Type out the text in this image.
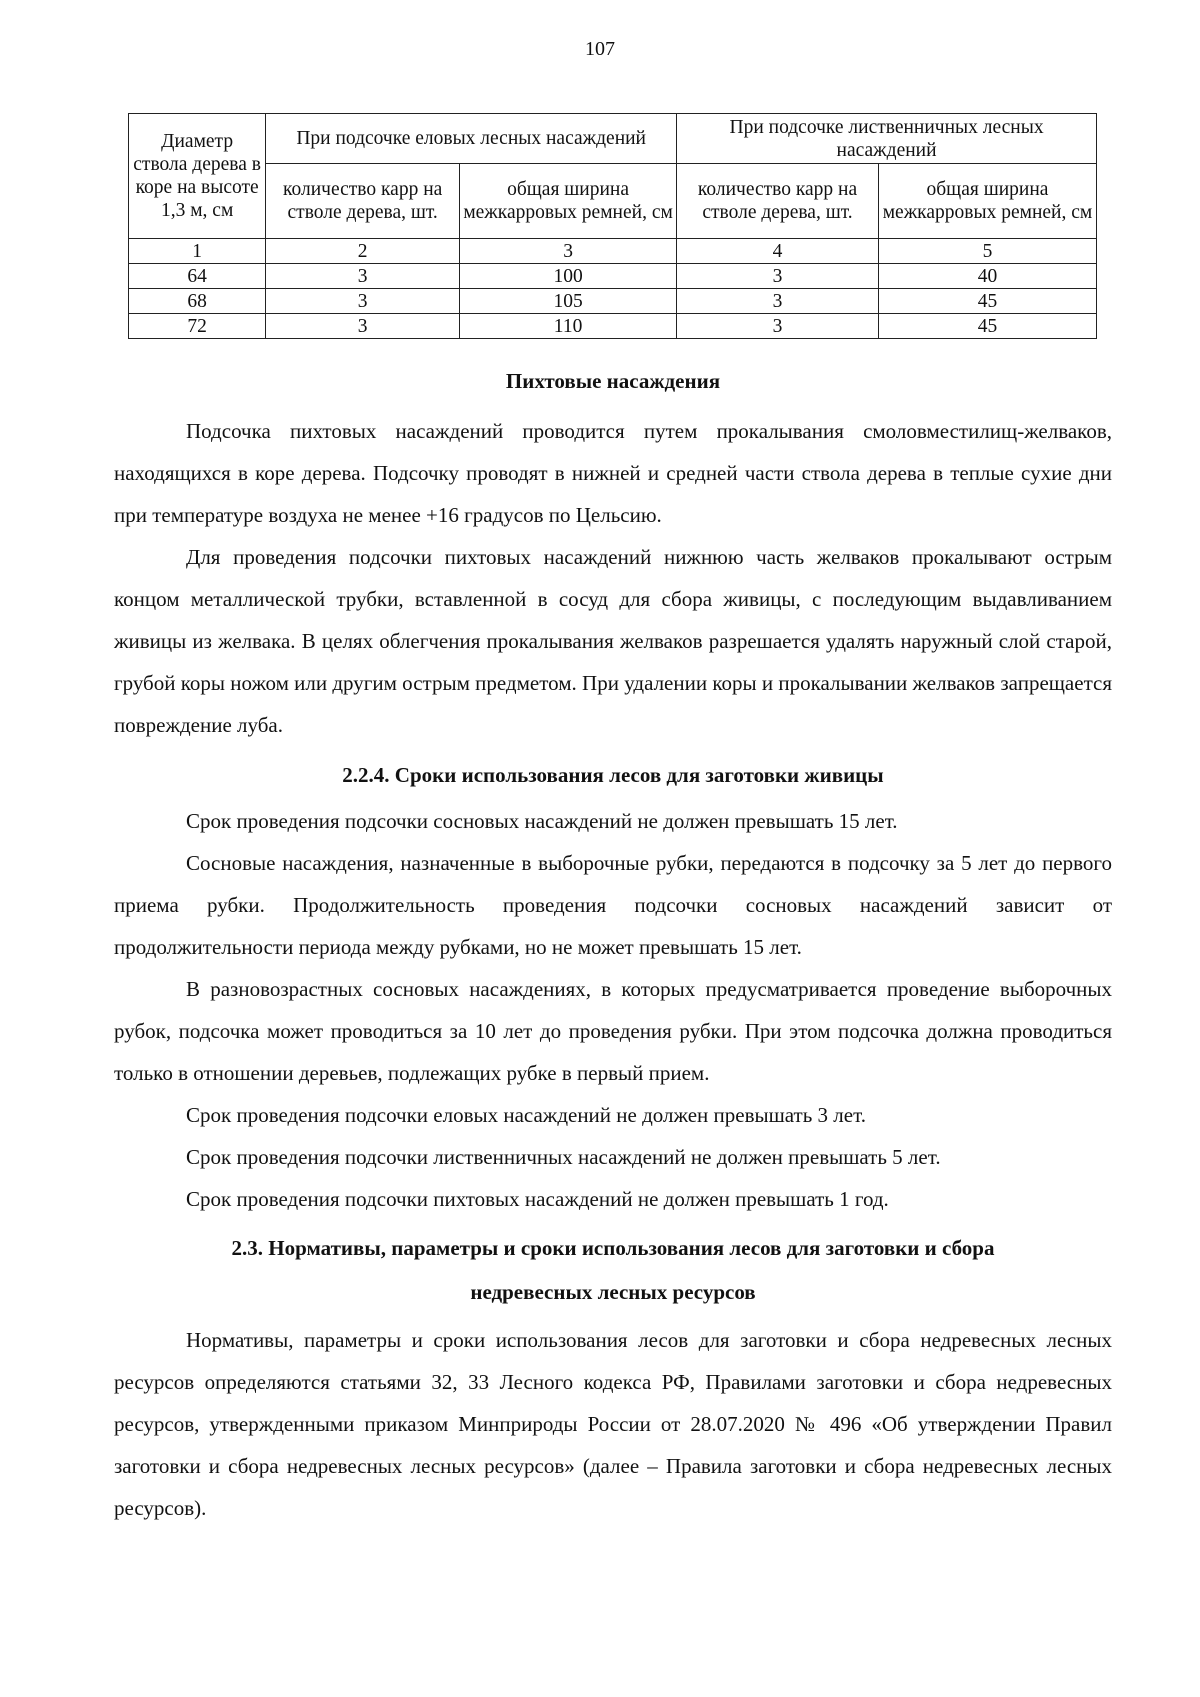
107
Диаметр ствола дерева в коре на высоте 1,3 м, см	При подсочке еловых лесных насаждений		При подсочке лиственничных лесных насаждений	
	количество карр на стволе дерева, шт.	общая ширина межкарровых ремней, см	количество карр на стволе дерева, шт.	общая ширина межкарровых ремней, см
1	2	3	4	5
64	3	100	3	40
68	3	105	3	45
72	3	110	3	45
Пихтовые насаждения

Подсочка пихтовых насаждений проводится путем прокалывания смоловместилищ-желваков, находящихся в коре дерева. Подсочку проводят в нижней и средней части ствола дерева в теплые сухие дни при температуре воздуха не менее +16 градусов по Цельсию.

Для проведения подсочки пихтовых насаждений нижнюю часть желваков прокалывают острым концом металлической трубки, вставленной в сосуд для сбора живицы, с последующим выдавливанием живицы из желвака. В целях облегчения прокалывания желваков разрешается удалять наружный слой старой, грубой коры ножом или другим острым предметом. При удалении коры и прокалывании желваков запрещается повреждение луба.

2.2.4. Сроки использования лесов для заготовки живицы

Срок проведения подсочки сосновых насаждений не должен превышать 15 лет.

Сосновые насаждения, назначенные в выборочные рубки, передаются в подсочку за 5 лет до первого приема рубки. Продолжительность проведения подсочки сосновых насаждений зависит от продолжительности периода между рубками, но не может превышать 15 лет.

В разновозрастных сосновых насаждениях, в которых предусматривается проведение выборочных рубок, подсочка может проводиться за 10 лет до проведения рубки. При этом подсочка должна проводиться только в отношении деревьев, подлежащих рубке в первый прием.

Срок проведения подсочки еловых насаждений не должен превышать 3 лет.

Срок проведения подсочки лиственничных насаждений не должен превышать 5 лет.

Срок проведения подсочки пихтовых насаждений не должен превышать 1 год.

2.3. Нормативы, параметры и сроки использования лесов для заготовки и сбора
недревесных лесных ресурсов

Нормативы, параметры и сроки использования лесов для заготовки и сбора недревесных лесных ресурсов определяются статьями 32, 33 Лесного кодекса РФ, Правилами заготовки и сбора недревесных ресурсов, утвержденными приказом Минприроды России от 28.07.2020 № 496 «Об утверждении Правил заготовки и сбора недревесных лесных ресурсов» (далее – Правила заготовки и сбора недревесных лесных ресурсов).
